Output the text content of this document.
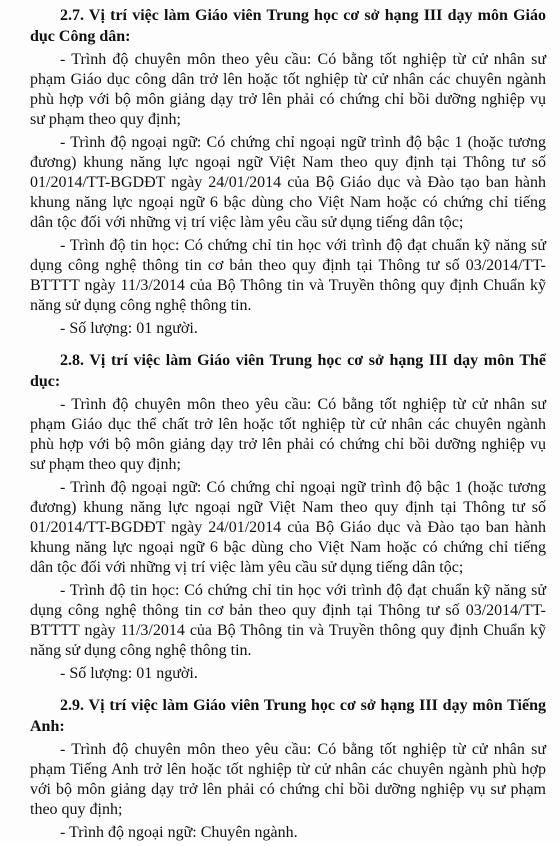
2.7. Vị trí việc làm Giáo viên Trung học cơ sở hạng III dạy môn Giáo dục Công dân:

- Trình độ chuyên môn theo yêu cầu: Có bằng tốt nghiệp từ cử nhân sư phạm Giáo dục công dân trở lên hoặc tốt nghiệp từ cử nhân các chuyên ngành phù hợp với bộ môn giảng dạy trở lên phải có chứng chỉ bồi dưỡng nghiệp vụ sư phạm theo quy định;

- Trình độ ngoại ngữ: Có chứng chỉ ngoại ngữ trình độ bậc 1 (hoặc tương đương) khung năng lực ngoại ngữ Việt Nam theo quy định tại Thông tư số 01/2014/TT-BGDĐT ngày 24/01/2014 của Bộ Giáo dục và Đào tạo ban hành khung năng lực ngoại ngữ 6 bậc dùng cho Việt Nam hoặc có chứng chỉ tiếng dân tộc đối với những vị trí việc làm yêu cầu sử dụng tiếng dân tộc;

- Trình độ tin học: Có chứng chỉ tin học với trình độ đạt chuẩn kỹ năng sử dụng công nghệ thông tin cơ bản theo quy định tại Thông tư số 03/2014/TT-BTTTT ngày 11/3/2014 của Bộ Thông tin và Truyền thông quy định Chuẩn kỹ năng sử dụng công nghệ thông tin.

- Số lượng: 01 người.

2.8. Vị trí việc làm Giáo viên Trung học cơ sở hạng III dạy môn Thể dục:

- Trình độ chuyên môn theo yêu cầu: Có bằng tốt nghiệp từ cử nhân sư phạm Giáo dục thể chất trở lên hoặc tốt nghiệp từ cử nhân các chuyên ngành phù hợp với bộ môn giảng dạy trở lên phải có chứng chỉ bồi dưỡng nghiệp vụ sư phạm theo quy định;

- Trình độ ngoại ngữ: Có chứng chỉ ngoại ngữ trình độ bậc 1 (hoặc tương đương) khung năng lực ngoại ngữ Việt Nam theo quy định tại Thông tư số 01/2014/TT-BGDĐT ngày 24/01/2014 của Bộ Giáo dục và Đào tạo ban hành khung năng lực ngoại ngữ 6 bậc dùng cho Việt Nam hoặc có chứng chỉ tiếng dân tộc đối với những vị trí việc làm yêu cầu sử dụng tiếng dân tộc;

- Trình độ tin học: Có chứng chỉ tin học với trình độ đạt chuẩn kỹ năng sử dụng công nghệ thông tin cơ bản theo quy định tại Thông tư số 03/2014/TT-BTTTT ngày 11/3/2014 của Bộ Thông tin và Truyền thông quy định Chuẩn kỹ năng sử dụng công nghệ thông tin.

- Số lượng: 01 người.

2.9. Vị trí việc làm Giáo viên Trung học cơ sở hạng III dạy môn Tiếng Anh:

- Trình độ chuyên môn theo yêu cầu: Có bằng tốt nghiệp từ cử nhân sư phạm Tiếng Anh trở lên hoặc tốt nghiệp từ cử nhân các chuyên ngành phù hợp với bộ môn giảng dạy trở lên phải có chứng chỉ bồi dưỡng nghiệp vụ sư phạm theo quy định;

- Trình độ ngoại ngữ: Chuyên ngành.
